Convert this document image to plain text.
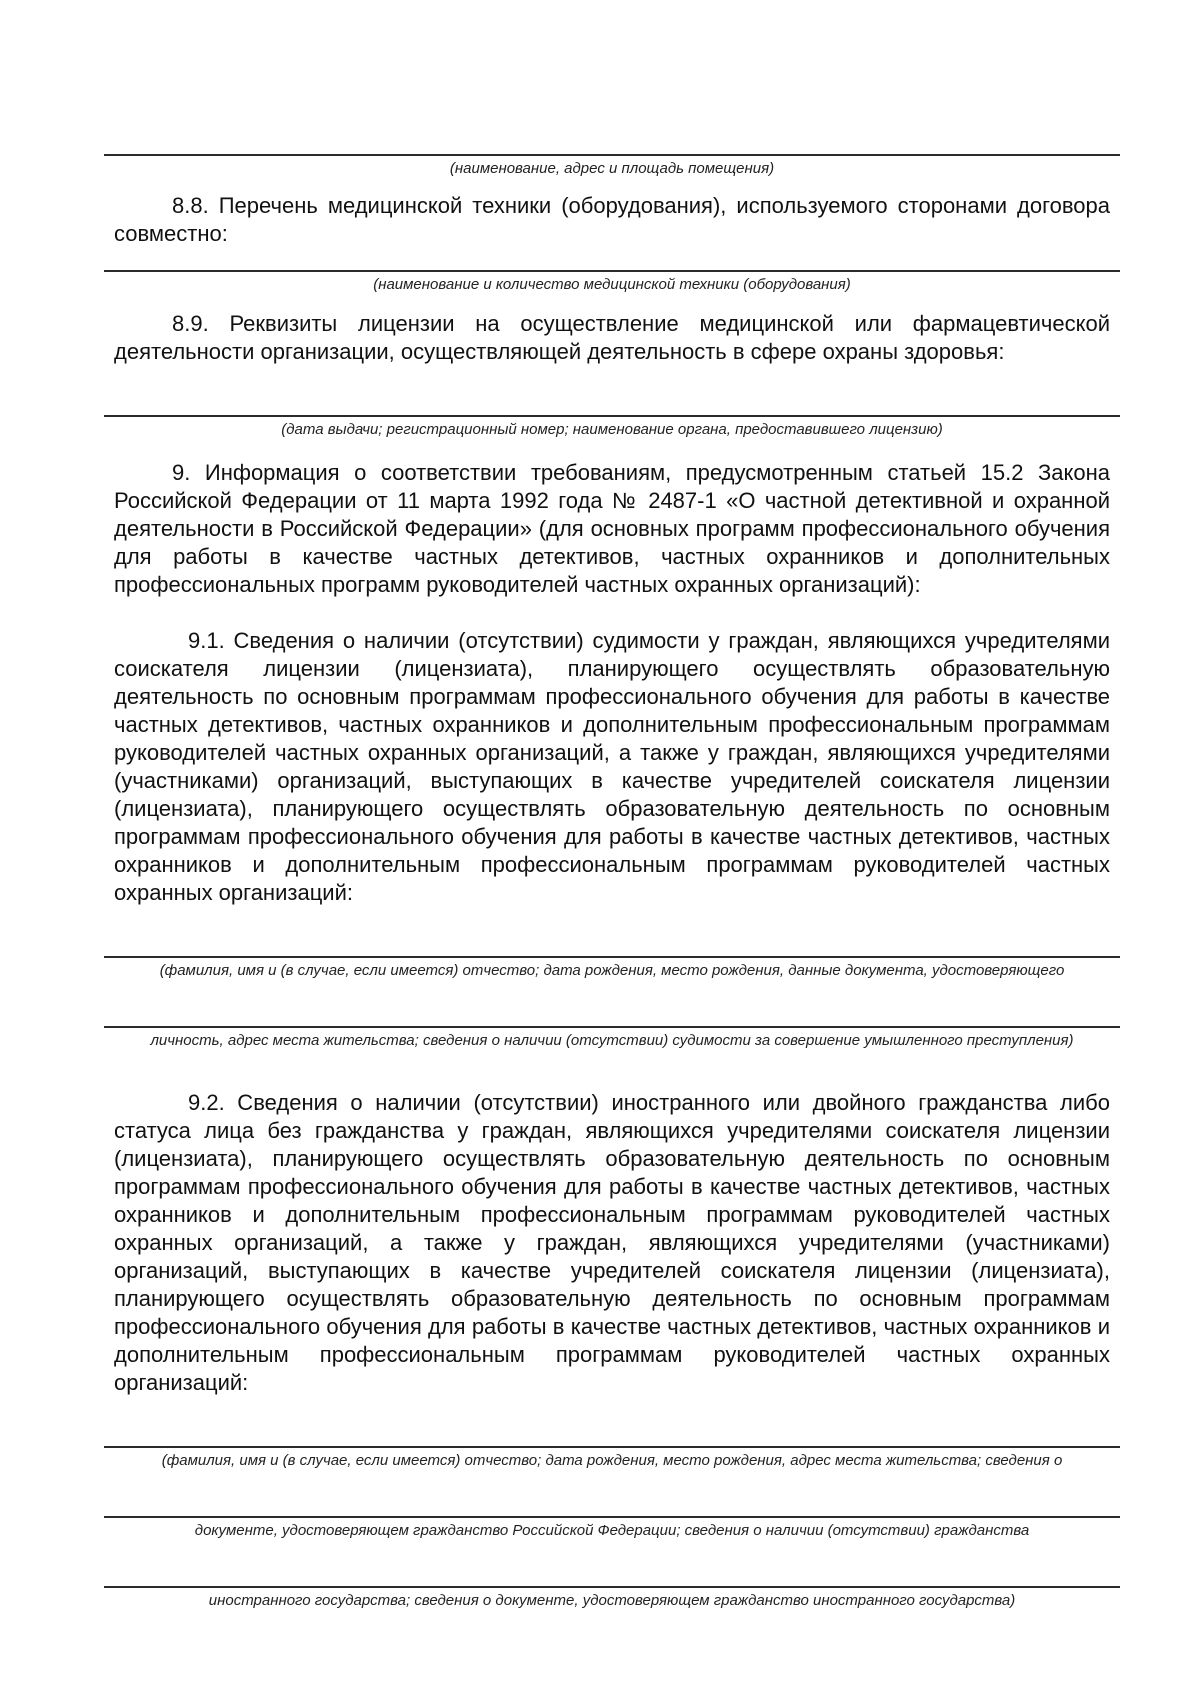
(наименование, адрес и площадь помещения)

8.8. Перечень медицинской техники (оборудования), используемого сторонами договора совместно:

(наименование и количество медицинской техники (оборудования)

8.9. Реквизиты лицензии на осуществление медицинской или фармацевтической деятельности организации, осуществляющей деятельность в сфере охраны здоровья:

(дата выдачи; регистрационный номер; наименование органа, предоставившего лицензию)

9. Информация о соответствии требованиям, предусмотренным статьей 15.2 Закона Российской Федерации от 11 марта 1992 года № 2487-1 «О частной детективной и охранной деятельности в Российской Федерации» (для основных программ профессионального обучения для работы в качестве частных детективов, частных охранников и дополнительных профессиональных программ руководителей частных охранных организаций):

9.1. Сведения о наличии (отсутствии) судимости у граждан, являющихся учредителями соискателя лицензии (лицензиата), планирующего осуществлять образовательную деятельность по основным программам профессионального обучения для работы в качестве частных детективов, частных охранников и дополнительным профессиональным программам руководителей частных охранных организаций, а также у граждан, являющихся учредителями (участниками) организаций, выступающих в качестве учредителей соискателя лицензии (лицензиата), планирующего осуществлять образовательную деятельность по основным программам профессионального обучения для работы в качестве частных детективов, частных охранников и дополнительным профессиональным программам руководителей частных охранных организаций:

(фамилия, имя и (в случае, если имеется) отчество; дата рождения, место рождения, данные документа, удостоверяющего
личность, адрес места жительства; сведения о наличии (отсутствии) судимости за совершение умышленного преступления)

9.2. Сведения о наличии (отсутствии) иностранного или двойного гражданства либо статуса лица без гражданства у граждан, являющихся учредителями соискателя лицензии (лицензиата), планирующего осуществлять образовательную деятельность по основным программам профессионального обучения для работы в качестве частных детективов, частных охранников и дополнительным профессиональным программам руководителей частных охранных организаций, а также у граждан, являющихся учредителями (участниками) организаций, выступающих в качестве учредителей соискателя лицензии (лицензиата), планирующего осуществлять образовательную деятельность по основным программам профессионального обучения для работы в качестве частных детективов, частных охранников и дополнительным профессиональным программам руководителей частных охранных организаций:

(фамилия, имя и (в случае, если имеется) отчество; дата рождения, место рождения, адрес места жительства; сведения о
документе, удостоверяющем гражданство Российской Федерации; сведения о наличии (отсутствии) гражданства
иностранного государства; сведения о документе, удостоверяющем гражданство иностранного государства)
